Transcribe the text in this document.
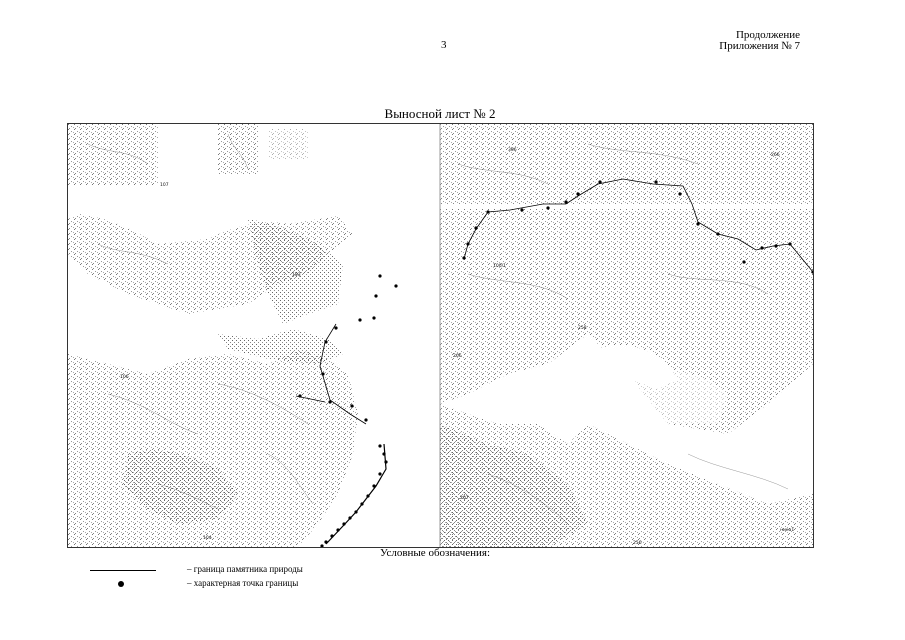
3
Продолжение
Приложения № 7
Выносной лист № 2
107
103
106
104
366
266
100/1
258
266
207
ника1
256
Условные обозначения:
– граница памятника природы
– характерная точка границы
